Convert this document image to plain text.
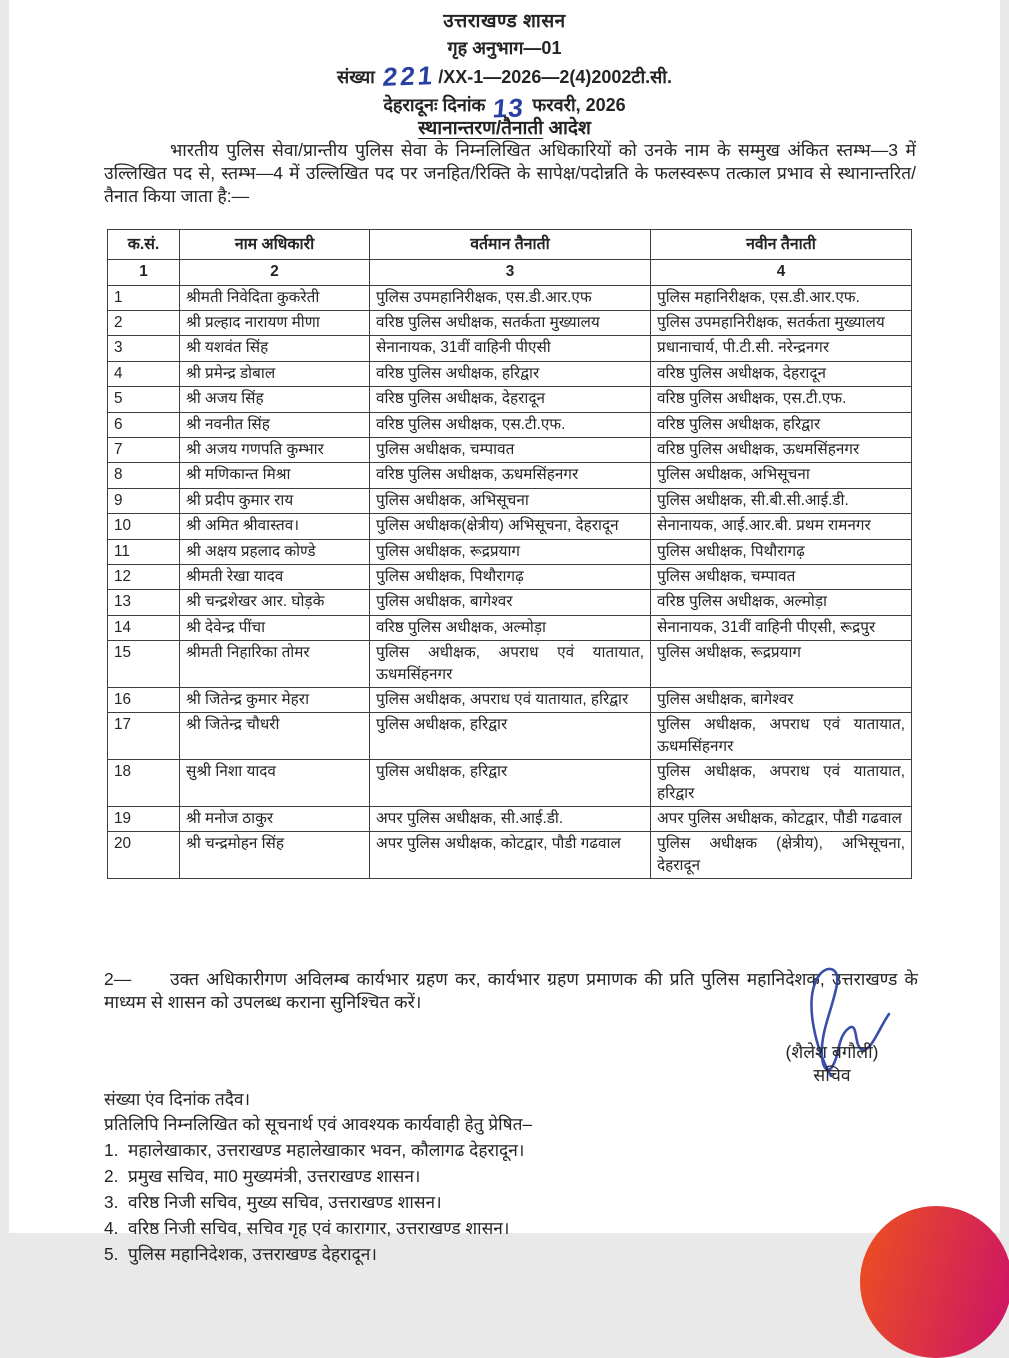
उत्तराखण्ड शासन
गृह अनुभाग—01
संख्या 221/XX-1—2026—2(4)2002टी.सी.
देहरादूनः दिनांक 13 फरवरी, 2026
स्थानान्तरण/तैनाती आदेश
भारतीय पुलिस सेवा/प्रान्तीय पुलिस सेवा के निम्नलिखित अधिकारियों को उनके नाम के सम्मुख अंकित स्तम्भ—3 में उल्लिखित पद से, स्तम्भ—4 में उल्लिखित पद पर जनहित/रिक्ति के सापेक्ष/पदोन्नति के फलस्वरूप तत्काल प्रभाव से स्थानान्तरित/तैनात किया जाता है:—
क.सं.	नाम अधिकारी	वर्तमान तैनाती	नवीन तैनाती
1	2	3	4
1	श्रीमती निवेदिता कुकरेती	पुलिस उपमहानिरीक्षक, एस.डी.आर.एफ	पुलिस महानिरीक्षक, एस.डी.आर.एफ.
2	श्री प्रल्हाद नारायण मीणा	वरिष्ठ पुलिस अधीक्षक, सतर्कता मुख्यालय	पुलिस उपमहानिरीक्षक, सतर्कता मुख्यालय
3	श्री यशवंत सिंह	सेनानायक, 31वीं वाहिनी पीएसी	प्रधानाचार्य, पी.टी.सी. नरेन्द्रनगर
4	श्री प्रमेन्द्र डोबाल	वरिष्ठ पुलिस अधीक्षक, हरिद्वार	वरिष्ठ पुलिस अधीक्षक, देहरादून
5	श्री अजय सिंह	वरिष्ठ पुलिस अधीक्षक, देहरादून	वरिष्ठ पुलिस अधीक्षक, एस.टी.एफ.
6	श्री नवनीत सिंह	वरिष्ठ पुलिस अधीक्षक, एस.टी.एफ.	वरिष्ठ पुलिस अधीक्षक, हरिद्वार
7	श्री अजय गणपति कुम्भार	पुलिस अधीक्षक, चम्पावत	वरिष्ठ पुलिस अधीक्षक, ऊधमसिंहनगर
8	श्री मणिकान्त मिश्रा	वरिष्ठ पुलिस अधीक्षक, ऊधमसिंहनगर	पुलिस अधीक्षक, अभिसूचना
9	श्री प्रदीप कुमार राय	पुलिस अधीक्षक, अभिसूचना	पुलिस अधीक्षक, सी.बी.सी.आई.डी.
10	श्री अमित श्रीवास्तव।	पुलिस अधीक्षक(क्षेत्रीय) अभिसूचना, देहरादून	सेनानायक, आई.आर.बी. प्रथम रामनगर
11	श्री अक्षय प्रहलाद कोण्डे	पुलिस अधीक्षक, रूद्रप्रयाग	पुलिस अधीक्षक, पिथौरागढ़
12	श्रीमती रेखा यादव	पुलिस अधीक्षक, पिथौरागढ़	पुलिस अधीक्षक, चम्पावत
13	श्री चन्द्रशेखर आर. घोड़के	पुलिस अधीक्षक, बागेश्वर	वरिष्ठ पुलिस अधीक्षक, अल्मोड़ा
14	श्री देवेन्द्र पींचा	वरिष्ठ पुलिस अधीक्षक, अल्मोड़ा	सेनानायक, 31वीं वाहिनी पीएसी, रूद्रपुर
15	श्रीमती निहारिका तोमर	पुलिस अधीक्षक, अपराध एवं यातायात, ऊधमसिंहनगर	पुलिस अधीक्षक, रूद्रप्रयाग
16	श्री जितेन्द्र कुमार मेहरा	पुलिस अधीक्षक, अपराध एवं यातायात, हरिद्वार	पुलिस अधीक्षक, बागेश्वर
17	श्री जितेन्द्र चौधरी	पुलिस अधीक्षक, हरिद्वार	पुलिस अधीक्षक, अपराध एवं यातायात, ऊधमसिंहनगर
18	सुश्री निशा यादव	पुलिस अधीक्षक, हरिद्वार	पुलिस अधीक्षक, अपराध एवं यातायात, हरिद्वार
19	श्री मनोज ठाकुर	अपर पुलिस अधीक्षक, सी.आई.डी.	अपर पुलिस अधीक्षक, कोटद्वार, पौडी गढवाल
20	श्री चन्द्रमोहन सिंह	अपर पुलिस अधीक्षक, कोटद्वार, पौडी गढवाल	पुलिस अधीक्षक (क्षेत्रीय), अभिसूचना, देहरादून
2— उक्त अधिकारीगण अविलम्ब कार्यभार ग्रहण कर, कार्यभार ग्रहण प्रमाणक की प्रति पुलिस महानिदेशक, उत्तराखण्ड के माध्यम से शासन को उपलब्ध कराना सुनिश्चित करें।
(शैलेश बगौली)
सचिव
संख्या एंव दिनांक तदैव।
प्रतिलिपि निम्नलिखित को सूचनार्थ एवं आवश्यक कार्यवाही हेतु प्रेषित–
1. महालेखाकार, उत्तराखण्ड महालेखाकार भवन, कौलागढ देहरादून।
2. प्रमुख सचिव, मा0 मुख्यमंत्री, उत्तराखण्ड शासन।
3. वरिष्ठ निजी सचिव, मुख्य सचिव, उत्तराखण्ड शासन।
4. वरिष्ठ निजी सचिव, सचिव गृह एवं कारागार, उत्तराखण्ड शासन।
5. पुलिस महानिदेशक, उत्तराखण्ड देहरादून।
